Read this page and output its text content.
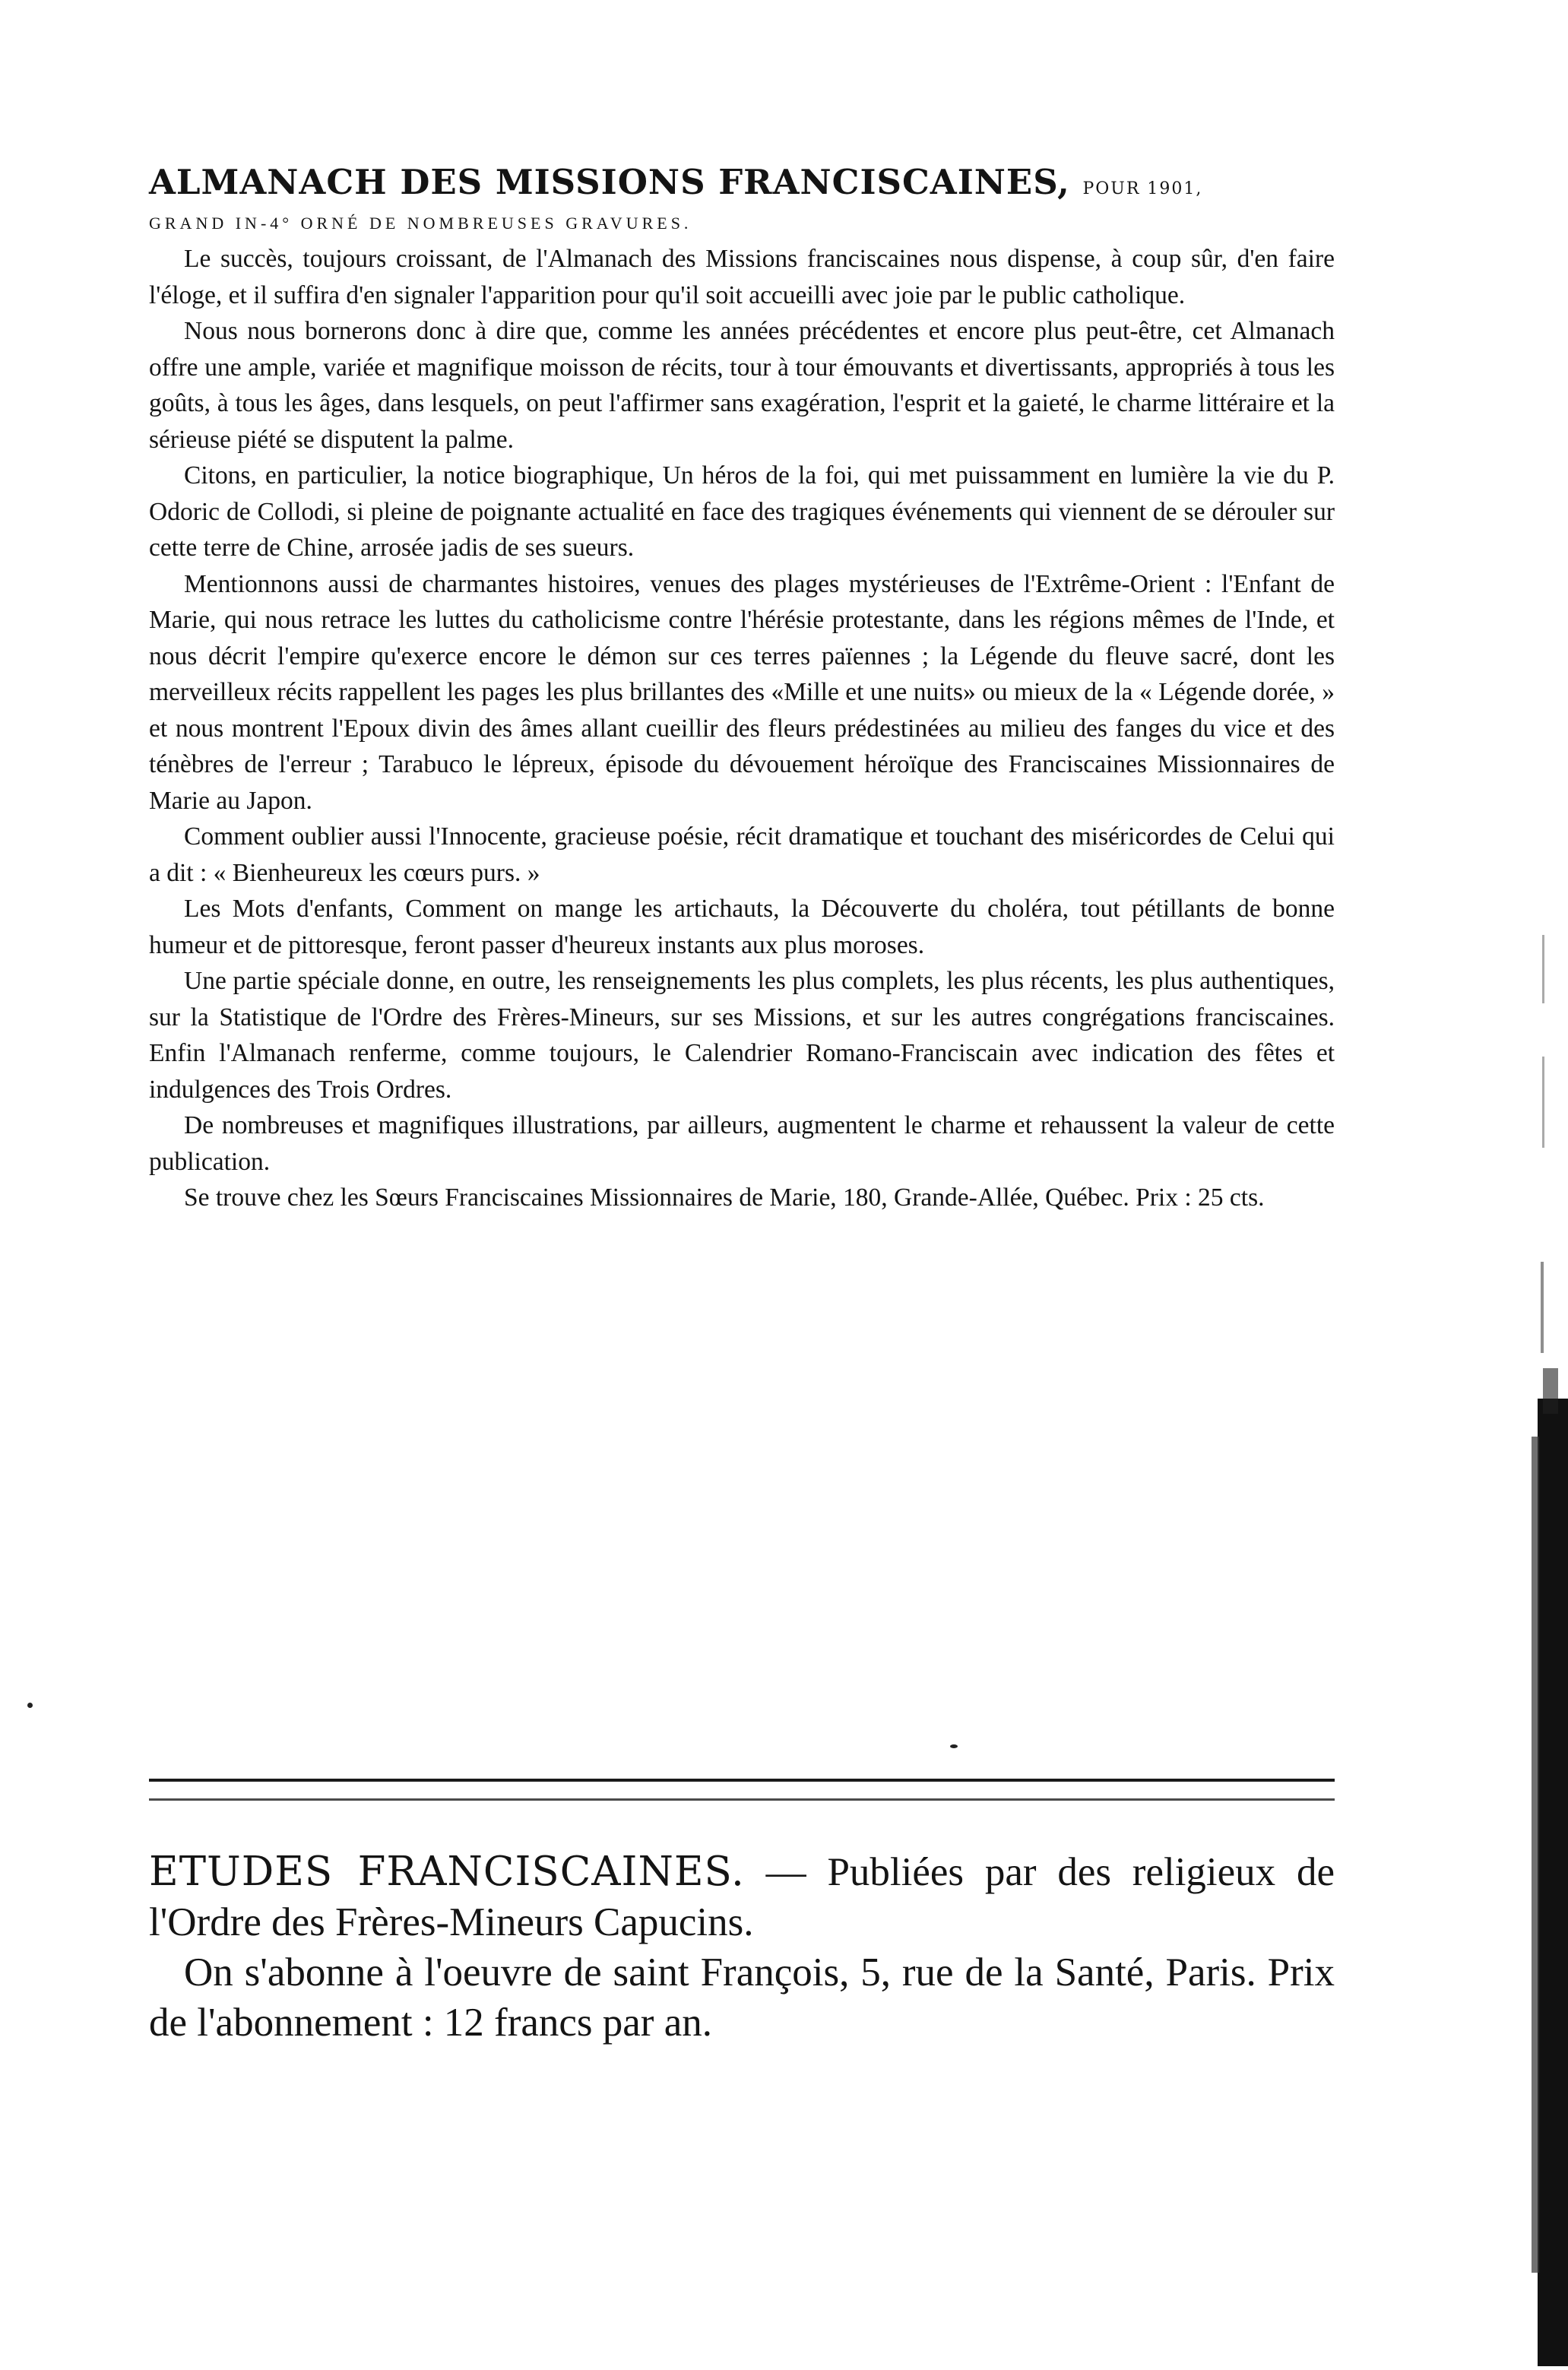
ALMANACH DES MISSIONS FRANCISCAINES, POUR 1901,
GRAND IN-4° ORNÉ DE NOMBREUSES GRAVURES.

Le succès, toujours croissant, de l'Almanach des Missions franciscaines nous dispense, à coup sûr, d'en faire l'éloge, et il suffira d'en signaler l'apparition pour qu'il soit accueilli avec joie par le public catholique.

Nous nous bornerons donc à dire que, comme les années précédentes et encore plus peut-être, cet Almanach offre une ample, variée et magnifique moisson de récits, tour à tour émouvants et divertissants, appropriés à tous les goûts, à tous les âges, dans lesquels, on peut l'affirmer sans exagération, l'esprit et la gaieté, le charme littéraire et la sérieuse piété se disputent la palme.

Citons, en particulier, la notice biographique, Un héros de la foi, qui met puissamment en lumière la vie du P. Odoric de Collodi, si pleine de poignante actualité en face des tragiques événements qui viennent de se dérouler sur cette terre de Chine, arrosée jadis de ses sueurs.

Mentionnons aussi de charmantes histoires, venues des plages mystérieuses de l'Extrême-Orient : l'Enfant de Marie, qui nous retrace les luttes du catholicisme contre l'hérésie protestante, dans les régions mêmes de l'Inde, et nous décrit l'empire qu'exerce encore le démon sur ces terres païennes ; la Légende du fleuve sacré, dont les merveilleux récits rappellent les pages les plus brillantes des «Mille et une nuits» ou mieux de la « Légende dorée, » et nous montrent l'Epoux divin des âmes allant cueillir des fleurs prédestinées au milieu des fanges du vice et des ténèbres de l'erreur ; Tarabuco le lépreux, épisode du dévouement héroïque des Franciscaines Missionnaires de Marie au Japon.

Comment oublier aussi l'Innocente, gracieuse poésie, récit dramatique et touchant des miséricordes de Celui qui a dit : « Bienheureux les cœurs purs. »

Les Mots d'enfants, Comment on mange les artichauts, la Découverte du choléra, tout pétillants de bonne humeur et de pittoresque, feront passer d'heureux instants aux plus moroses.

Une partie spéciale donne, en outre, les renseignements les plus complets, les plus récents, les plus authentiques, sur la Statistique de l'Ordre des Frères-Mineurs, sur ses Missions, et sur les autres congrégations franciscaines. Enfin l'Almanach renferme, comme toujours, le Calendrier Romano-Franciscain avec indication des fêtes et indulgences des Trois Ordres.

De nombreuses et magnifiques illustrations, par ailleurs, augmentent le charme et rehaussent la valeur de cette publication.

Se trouve chez les Sœurs Franciscaines Missionnaires de Marie, 180, Grande-Allée, Québec. Prix : 25 cts.

ETUDES FRANCISCAINES. — Publiées par des religieux de l'Ordre des Frères-Mineurs Capucins.

On s'abonne à l'oeuvre de saint François, 5, rue de la Santé, Paris. Prix de l'abonnement : 12 francs par an.
